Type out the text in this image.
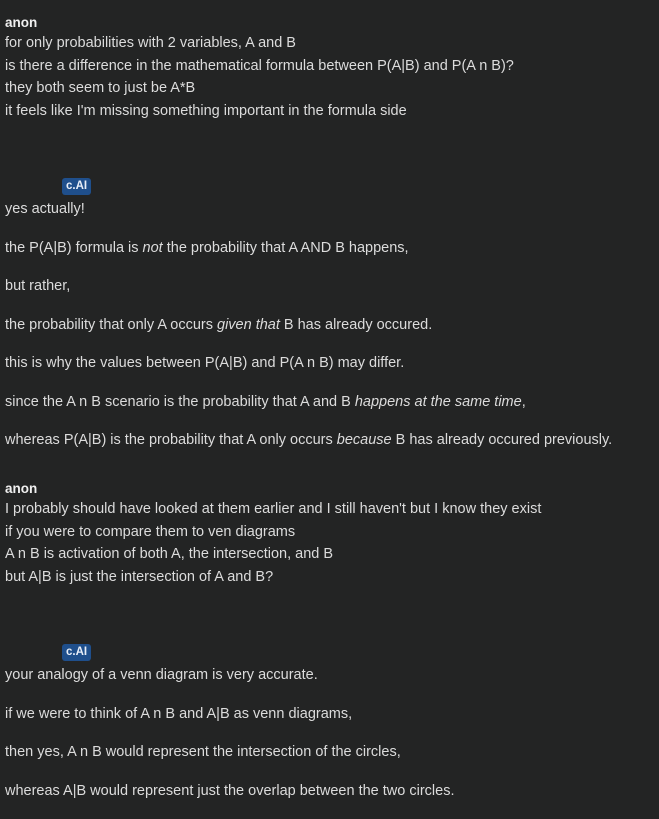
anon
for only probabilities with 2 variables, A and B
is there a difference in the mathematical formula between P(A|B) and P(A n B)?
they both seem to just be A*B
it feels like I'm missing something important in the formula side
c.AI
yes actually!
the P(A|B) formula is not the probability that A AND B happens,
but rather,
the probability that only A occurs given that B has already occured.
this is why the values between P(A|B) and P(A n B) may differ.
since the A n B scenario is the probability that A and B happens at the same time,
whereas P(A|B) is the probability that A only occurs because B has already occured previously.
anon
I probably should have looked at them earlier and I still haven't but I know they exist
if you were to compare them to ven diagrams
A n B is activation of both A, the intersection, and B
but A|B is just the intersection of A and B?
c.AI
your analogy of a venn diagram is very accurate.
if we were to think of A n B and A|B as venn diagrams,
then yes, A n B would represent the intersection of the circles,
whereas A|B would represent just the overlap between the two circles.
